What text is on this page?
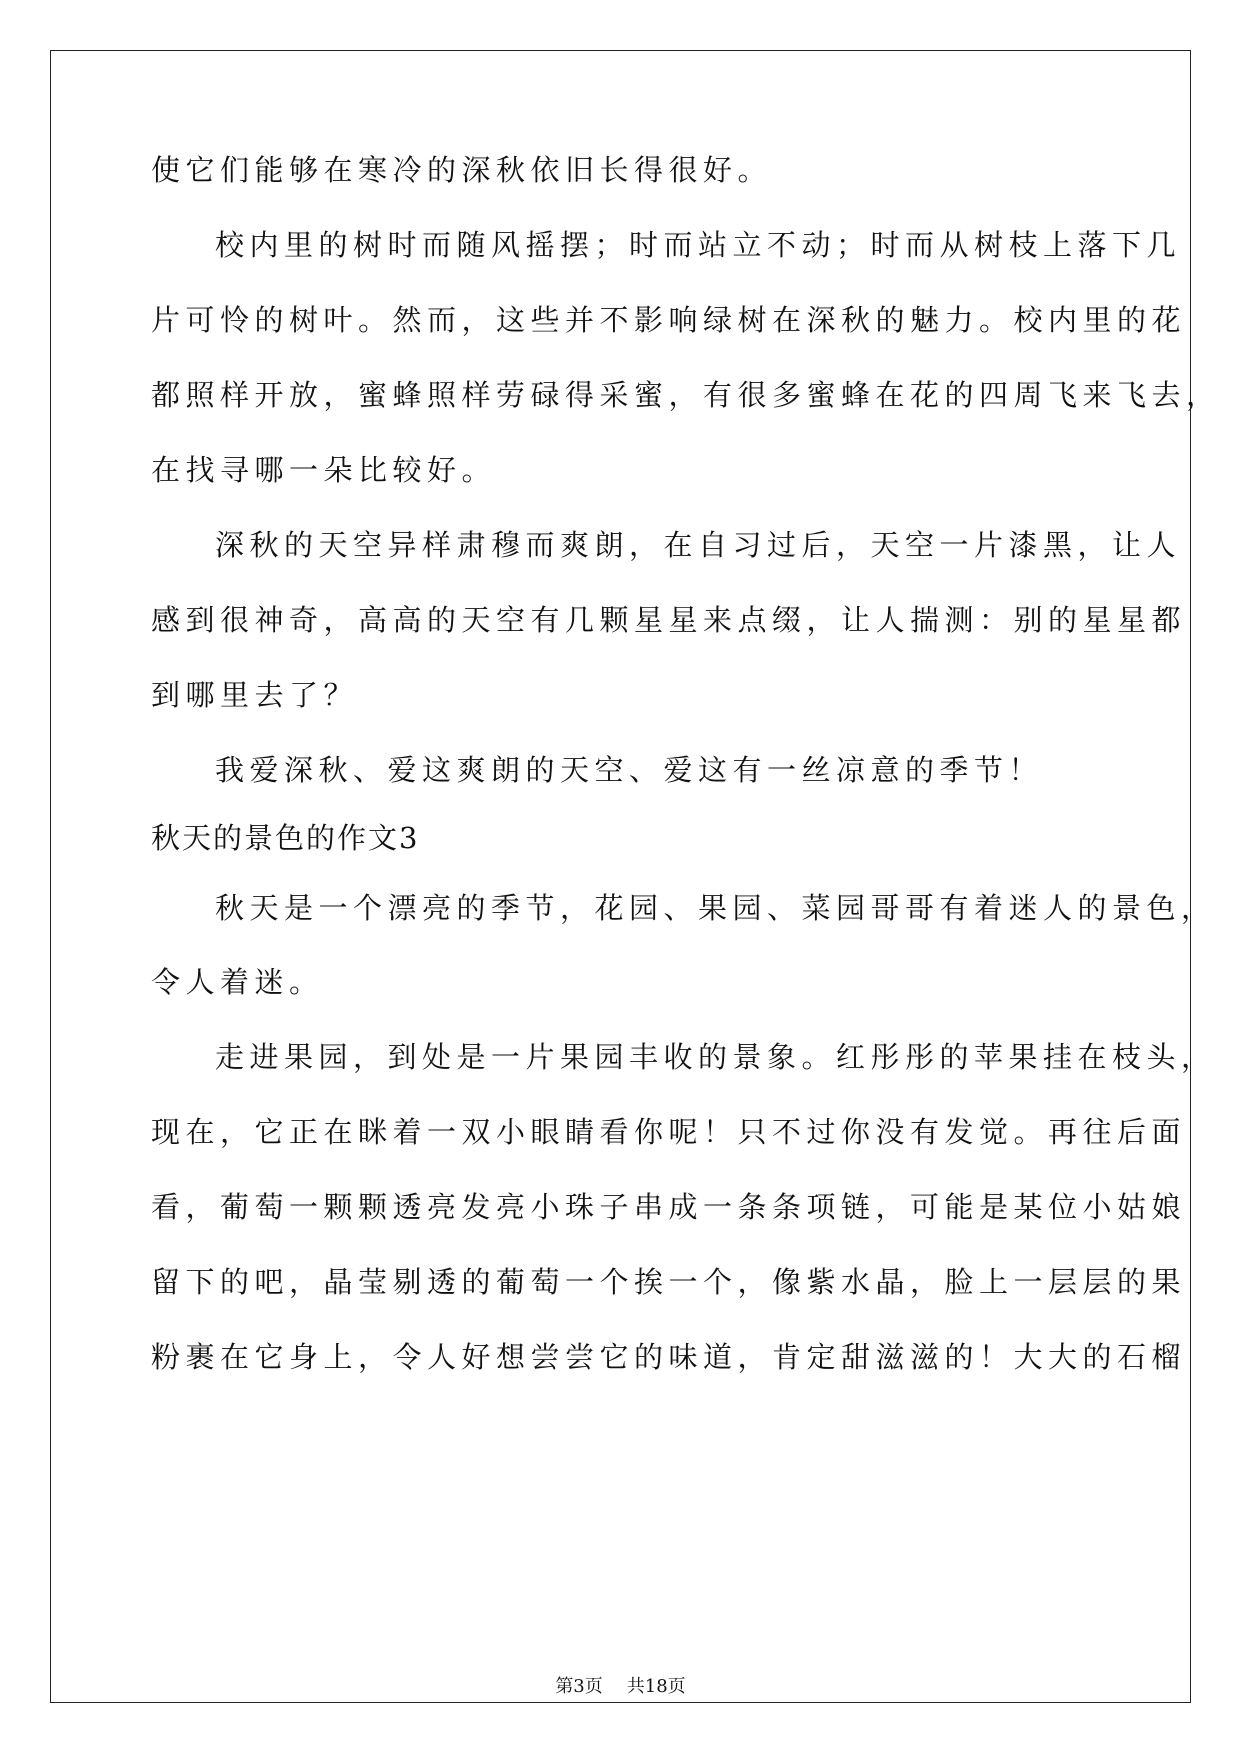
使它们能够在寒冷的深秋依旧长得很好。
校内里的树时而随风摇摆；时而站立不动；时而从树枝上落下几
片可怜的树叶。然而，这些并不影响绿树在深秋的魅力。校内里的花
都照样开放，蜜蜂照样劳碌得采蜜，有很多蜜蜂在花的四周飞来飞去，
在找寻哪一朵比较好。
深秋的天空异样肃穆而爽朗，在自习过后，天空一片漆黑，让人
感到很神奇，高高的天空有几颗星星来点缀，让人揣测：别的星星都
到哪里去了？
我爱深秋、爱这爽朗的天空、爱这有一丝凉意的季节！
秋天的景色的作文3
秋天是一个漂亮的季节，花园、果园、菜园哥哥有着迷人的景色，
令人着迷。
走进果园，到处是一片果园丰收的景象。红彤彤的苹果挂在枝头，
现在，它正在眯着一双小眼睛看你呢！只不过你没有发觉。再往后面
看，葡萄一颗颗透亮发亮小珠子串成一条条项链，可能是某位小姑娘
留下的吧，晶莹剔透的葡萄一个挨一个，像紫水晶，脸上一层层的果
粉裹在它身上，令人好想尝尝它的味道，肯定甜滋滋的！大大的石榴
第3页 共18页
